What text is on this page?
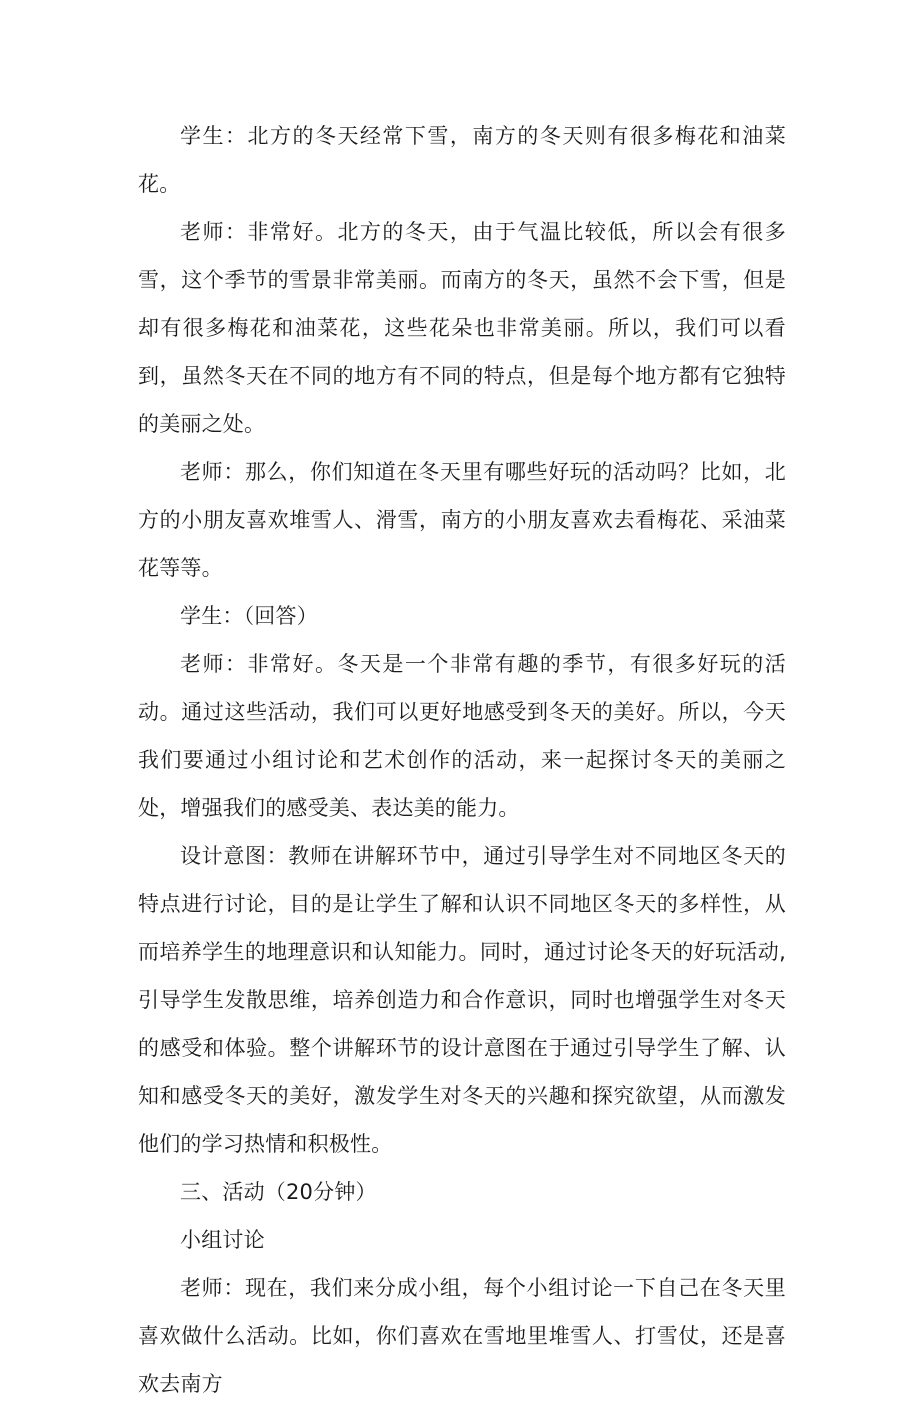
学生：北方的冬天经常下雪，南方的冬天则有很多梅花和油菜花。

老师：非常好。北方的冬天，由于气温比较低，所以会有很多雪，这个季节的雪景非常美丽。而南方的冬天，虽然不会下雪，但是却有很多梅花和油菜花，这些花朵也非常美丽。所以，我们可以看到，虽然冬天在不同的地方有不同的特点，但是每个地方都有它独特的美丽之处。

老师：那么，你们知道在冬天里有哪些好玩的活动吗？比如，北方的小朋友喜欢堆雪人、滑雪，南方的小朋友喜欢去看梅花、采油菜花等等。

学生：（回答）

老师：非常好。冬天是一个非常有趣的季节，有很多好玩的活动。通过这些活动，我们可以更好地感受到冬天的美好。所以，今天我们要通过小组讨论和艺术创作的活动，来一起探讨冬天的美丽之处，增强我们的感受美、表达美的能力。

设计意图：教师在讲解环节中，通过引导学生对不同地区冬天的特点进行讨论，目的是让学生了解和认识不同地区冬天的多样性，从而培养学生的地理意识和认知能力。同时，通过讨论冬天的好玩活动,引导学生发散思维，培养创造力和合作意识，同时也增强学生对冬天的感受和体验。整个讲解环节的设计意图在于通过引导学生了解、认知和感受冬天的美好，激发学生对冬天的兴趣和探究欲望，从而激发他们的学习热情和积极性。

三、活动（20分钟）

小组讨论

老师：现在，我们来分成小组，每个小组讨论一下自己在冬天里喜欢做什么活动。比如，你们喜欢在雪地里堆雪人、打雪仗，还是喜欢去南方
